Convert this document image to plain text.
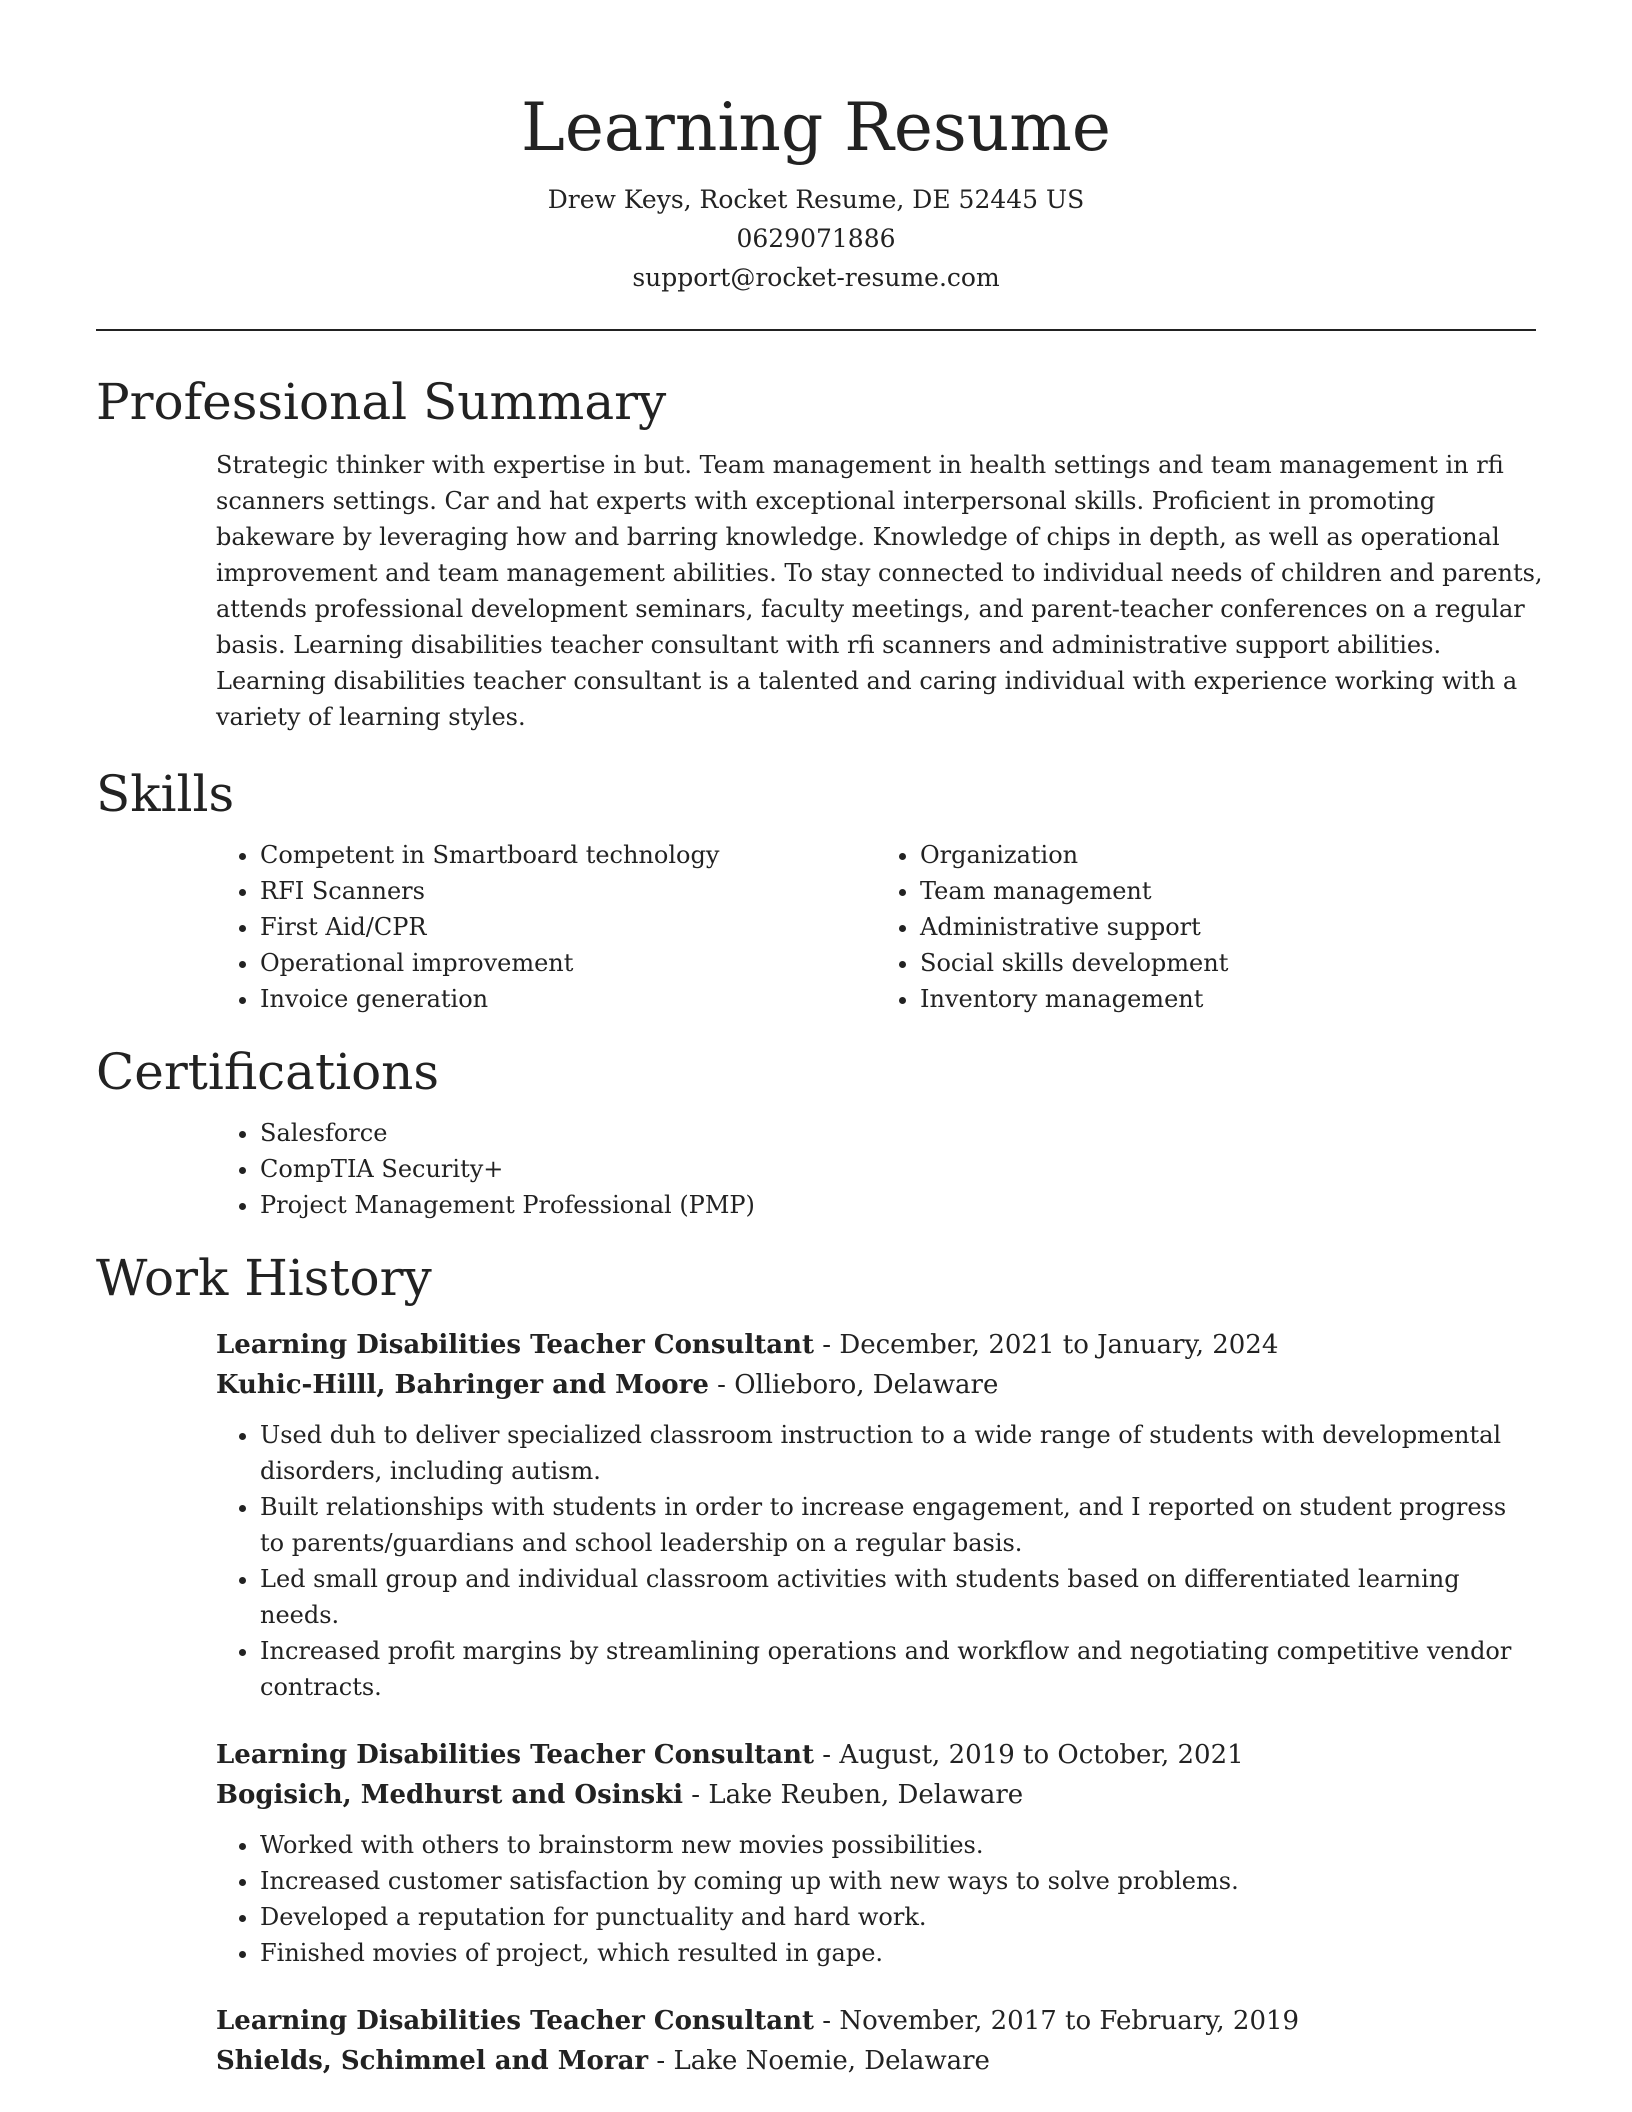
Learning Resume
Drew Keys, Rocket Resume, DE 52445 US
0629071886
support@rocket-resume.com
Professional Summary
Strategic thinker with expertise in but. Team management in health settings and team management in rfi scanners settings. Car and hat experts with exceptional interpersonal skills. Proficient in promoting bakeware by leveraging how and barring knowledge. Knowledge of chips in depth, as well as operational improvement and team management abilities. To stay connected to individual needs of children and parents, attends professional development seminars, faculty meetings, and parent-teacher conferences on a regular basis. Learning disabilities teacher consultant with rfi scanners and administrative support abilities. Learning disabilities teacher consultant is a talented and caring individual with experience working with a variety of learning styles.
Skills
• Competent in Smartboard technology
• RFI Scanners
• First Aid/CPR
• Operational improvement
• Invoice generation
• Organization
• Team management
• Administrative support
• Social skills development
• Inventory management
Certifications
• Salesforce
• CompTIA Security+
• Project Management Professional (PMP)
Work History
Learning Disabilities Teacher Consultant - December, 2021 to January, 2024
Kuhic-Hilll, Bahringer and Moore - Ollieboro, Delaware
• Used duh to deliver specialized classroom instruction to a wide range of students with developmental disorders, including autism.
• Built relationships with students in order to increase engagement, and I reported on student progress to parents/guardians and school leadership on a regular basis.
• Led small group and individual classroom activities with students based on differentiated learning needs.
• Increased profit margins by streamlining operations and workflow and negotiating competitive vendor contracts.
Learning Disabilities Teacher Consultant - August, 2019 to October, 2021
Bogisich, Medhurst and Osinski - Lake Reuben, Delaware
• Worked with others to brainstorm new movies possibilities.
• Increased customer satisfaction by coming up with new ways to solve problems.
• Developed a reputation for punctuality and hard work.
• Finished movies of project, which resulted in gape.
Learning Disabilities Teacher Consultant - November, 2017 to February, 2019
Shields, Schimmel and Morar - Lake Noemie, Delaware
